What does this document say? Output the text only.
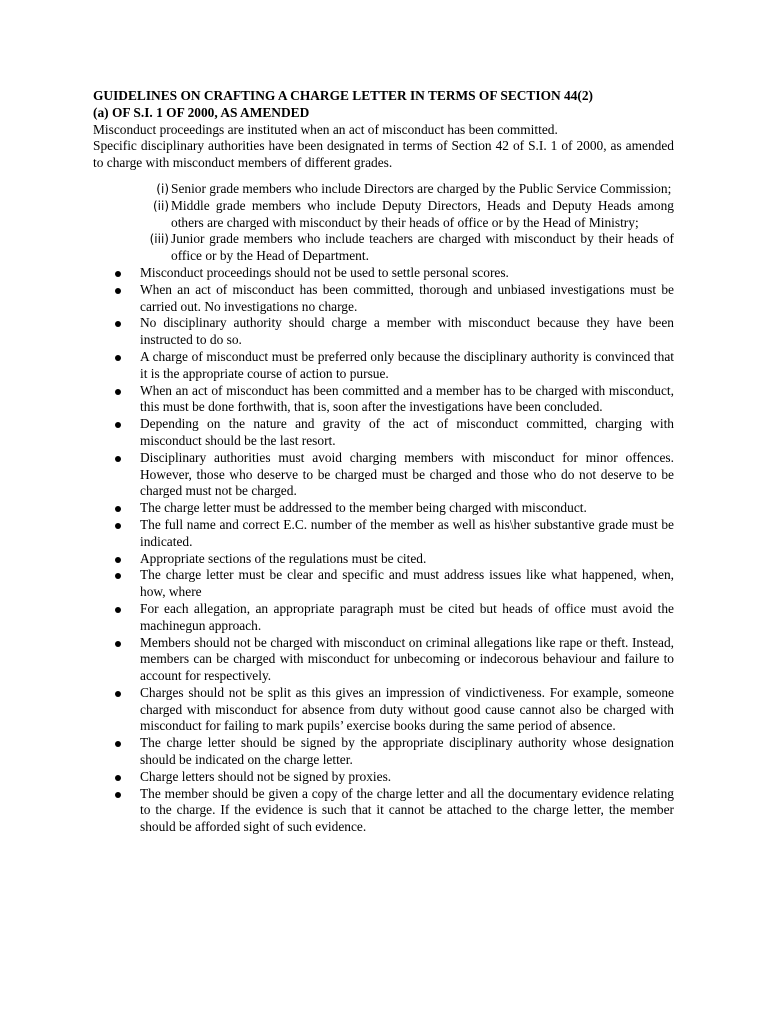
GUIDELINES ON CRAFTING A CHARGE LETTER IN TERMS OF SECTION 44(2)
(a) OF S.I. 1 OF 2000, AS AMENDED

Misconduct proceedings are instituted when an act of misconduct has been committed.

Specific disciplinary authorities have been designated in terms of Section 42 of S.I. 1 of 2000, as amended to charge with misconduct members of different grades.

(i) Senior grade members who include Directors are charged by the Public Service Commission;
(ii) Middle grade members who include Deputy Directors, Heads and Deputy Heads among others are charged with misconduct by their heads of office or by the Head of Ministry;
(iii) Junior grade members who include teachers are charged with misconduct by their heads of office or by the Head of Department.
Misconduct proceedings should not be used to settle personal scores.
When an act of misconduct has been committed, thorough and unbiased investigations must be carried out. No investigations no charge.
No disciplinary authority should charge a member with misconduct because they have been instructed to do so.
A charge of misconduct must be preferred only because the disciplinary authority is convinced that it is the appropriate course of action to pursue.
When an act of misconduct has been committed and a member has to be charged with misconduct, this must be done forthwith, that is, soon after the investigations have been concluded.
Depending on the nature and gravity of the act of misconduct committed, charging with misconduct should be the last resort.
Disciplinary authorities must avoid charging members with misconduct for minor offences. However, those who deserve to be charged must be charged and those who do not deserve to be charged must not be charged.
The charge letter must be addressed to the member being charged with misconduct.
The full name and correct E.C. number of the member as well as his\her substantive grade must be indicated.
Appropriate sections of the regulations must be cited.
The charge letter must be clear and specific and must address issues like what happened, when, how, where
For each allegation, an appropriate paragraph must be cited but heads of office must avoid the machinegun approach.
Members should not be charged with misconduct on criminal allegations like rape or theft. Instead, members can be charged with misconduct for unbecoming or indecorous behaviour and failure to account for respectively.
Charges should not be split as this gives an impression of vindictiveness. For example, someone charged with misconduct for absence from duty without good cause cannot also be charged with misconduct for failing to mark pupils’ exercise books during the same period of absence.
The charge letter should be signed by the appropriate disciplinary authority whose designation should be indicated on the charge letter.
Charge letters should not be signed by proxies.
The member should be given a copy of the charge letter and all the documentary evidence relating to the charge. If the evidence is such that it cannot be attached to the charge letter, the member should be afforded sight of such evidence.
